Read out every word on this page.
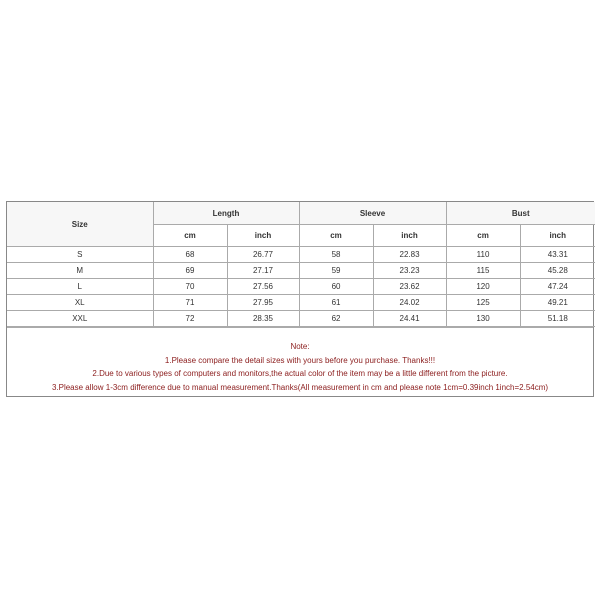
Size	Length		Sleeve		Bust	
	cm	inch	cm	inch	cm	inch
S	68	26.77	58	22.83	110	43.31
M	69	27.17	59	23.23	115	45.28
L	70	27.56	60	23.62	120	47.24
XL	71	27.95	61	24.02	125	49.21
XXL	72	28.35	62	24.41	130	51.18
Note:
1.Please compare the detail sizes with yours before you purchase. Thanks!!!
2.Due to various types of computers and monitors,the actual color of the item may be a little different from the picture.
3.Please allow 1-3cm difference due to manual measurement.Thanks(All measurement in cm and please note 1cm=0.39inch 1inch=2.54cm)
